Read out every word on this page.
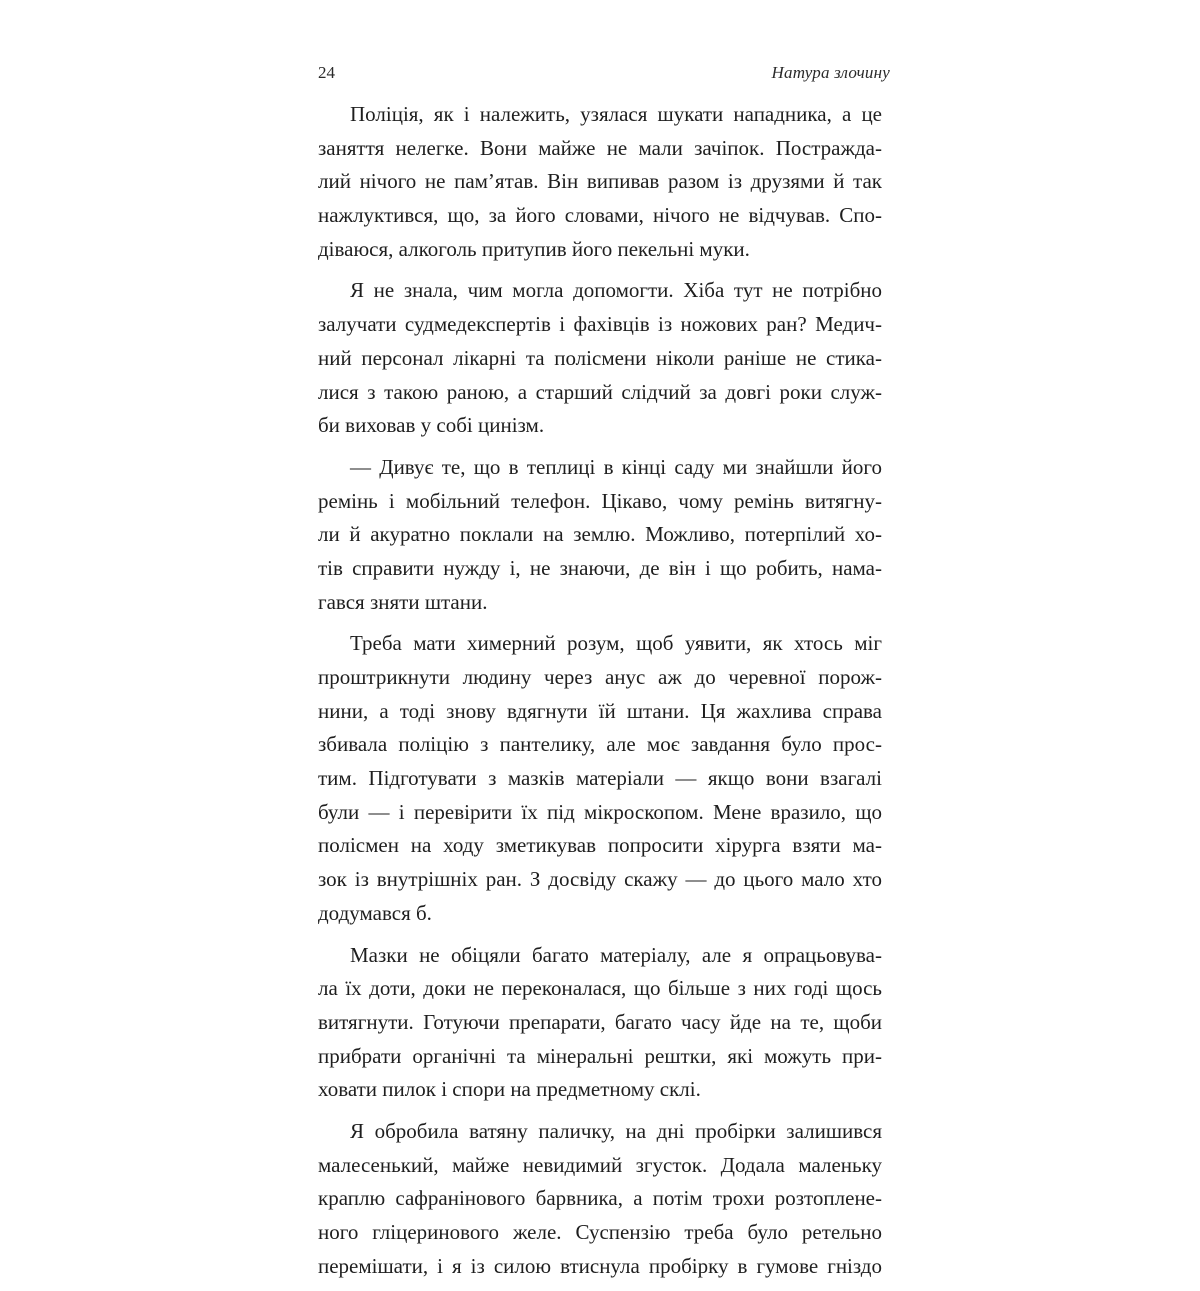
24	Натура злочину
Поліція, як і належить, узялася шукати нападника, а це
заняття нелегке. Вони майже не мали зачіпок. Постражда-
лий нічого не пам’ятав. Він випивав разом із друзями й так
нажлуктився, що, за його словами, нічого не відчував. Спо-
діваюся, алкоголь притупив його пекельні муки.
Я не знала, чим могла допомогти. Хіба тут не потрібно
залучати судмедекспертів і фахівців із ножових ран? Медич-
ний персонал лікарні та полісмени ніколи раніше не стика-
лися з такою раною, а старший слідчий за довгі роки служ-
би виховав у собі цинізм.
— Дивує те, що в теплиці в кінці саду ми знайшли його
ремінь і мобільний телефон. Цікаво, чому ремінь витягну-
ли й акуратно поклали на землю. Можливо, потерпілий хо-
тів справити нужду і, не знаючи, де він і що робить, нама-
гався зняти штани.
Треба мати химерний розум, щоб уявити, як хтось міг
проштрикнути людину через анус аж до черевної порож-
нини, а тоді знову вдягнути їй штани. Ця жахлива справа
збивала поліцію з пантелику, але моє завдання було прос-
тим. Підготувати з мазків матеріали — якщо вони взагалі
були — і перевірити їх під мікроскопом. Мене вразило, що
полісмен на ходу зметикував попросити хірурга взяти ма-
зок із внутрішніх ран. З досвіду скажу — до цього мало хто
додумався б.
Мазки не обіцяли багато матеріалу, але я опрацьовува-
ла їх доти, доки не переконалася, що більше з них годі щось
витягнути. Готуючи препарати, багато часу йде на те, щоби
прибрати органічні та мінеральні рештки, які можуть при-
ховати пилок і спори на предметному склі.
Я обробила ватяну паличку, на дні пробірки залишився
малесенький, майже невидимий згусток. Додала маленьку
краплю сафранінового барвника, а потім трохи розтоплене-
ного гліцеринового желе. Суспензію треба було ретельно
перемішати, і я із силою втиснула пробірку в гумове гніздо
